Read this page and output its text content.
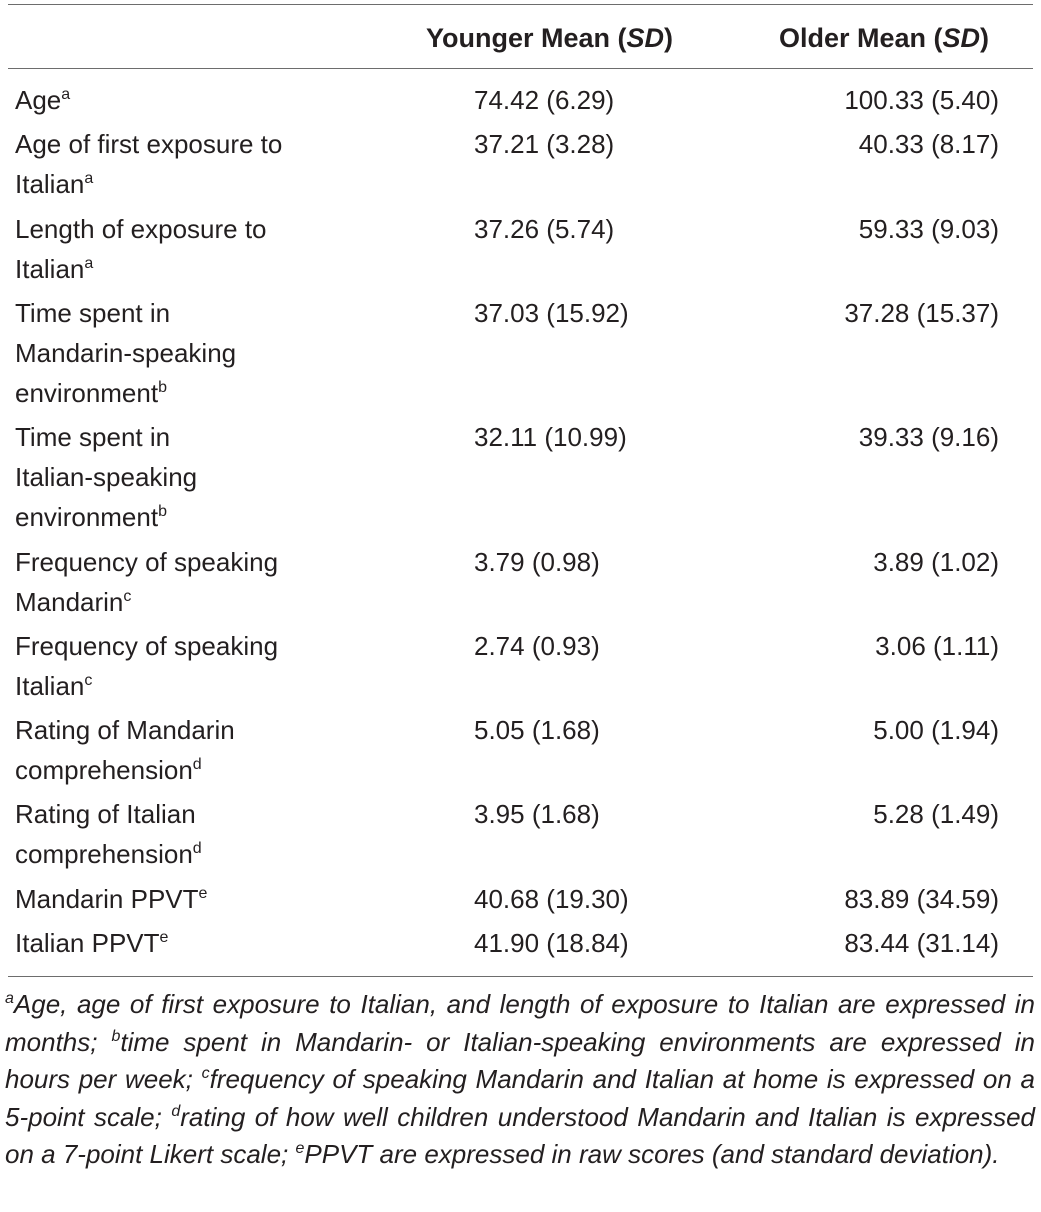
Younger Mean (SD)	Older Mean (SD)
Age$^a$	74.42 (6.29)	100.33 (5.40)
Age of first exposure to
Italian$^a$
37.21 (3.28)	40.33 (8.17)
Length of exposure to
Italian$^a$
37.26 (5.74)	59.33 (9.03)
Time spent in
Mandarin-speaking
environment$^b$
37.03 (15.92)	37.28 (15.37)
Time spent in
Italian-speaking
environment$^b$
32.11 (10.99)	39.33 (9.16)
Frequency of speaking
Mandarin$^c$
3.79 (0.98)	3.89 (1.02)
Frequency of speaking
Italian$^c$
2.74 (0.93)	3.06 (1.11)
Rating of Mandarin
comprehension$^d$
5.05 (1.68)	5.00 (1.94)
Rating of Italian
comprehension$^d$
3.95 (1.68)	5.28 (1.49)
Mandarin PPVT$^e$	40.68 (19.30)	83.89 (34.59)
Italian PPVT$^e$	41.90 (18.84)	83.44 (31.14)
$^a$Age, age of first exposure to Italian, and length of exposure to Italian are expressed in months; $^b$time spent in Mandarin- or Italian-speaking environments are expressed in hours per week; $^c$frequency of speaking Mandarin and Italian at home is expressed on a 5-point scale; $^d$rating of how well children understood Mandarin and Italian is expressed on a 7-point Likert scale; $^e$PPVT are expressed in raw scores (and standard deviation).
